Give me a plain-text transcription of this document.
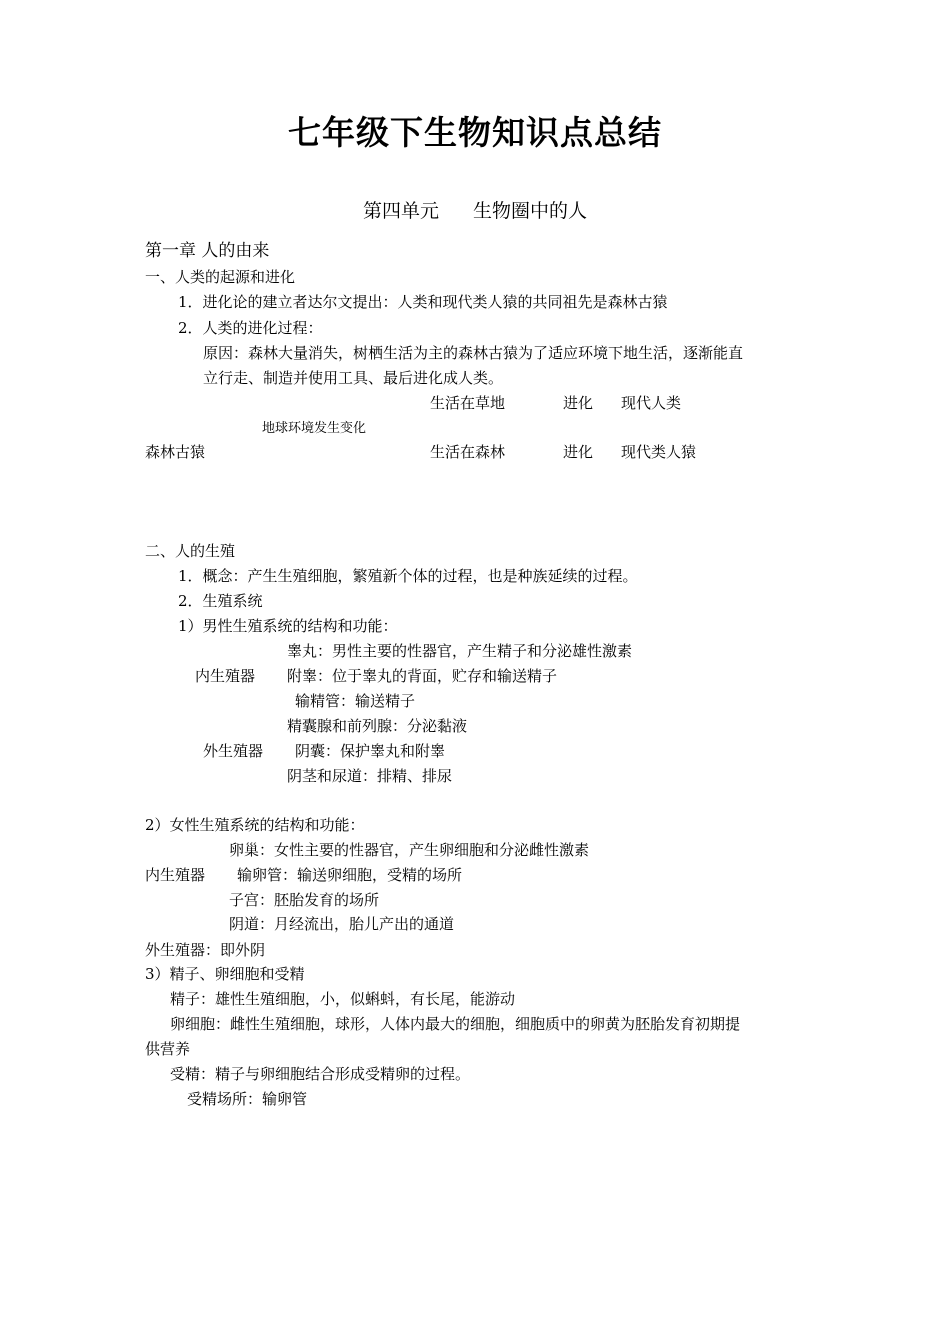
七年级下生物知识点总结
第四单元 生物圈中的人
第一章 人的由来
一、人类的起源和进化
1．进化论的建立者达尔文提出：人类和现代类人猿的共同祖先是森林古猿
2．人类的进化过程：
原因：森林大量消失，树栖生活为主的森林古猿为了适应环境下地生活，逐渐能直
立行走、制造并使用工具、最后进化成人类。
生活在草地	进化 现代人类
地球环境发生变化
森林古猿	生活在森林	进化 现代类人猿
二、人的生殖
1．概念：产生生殖细胞，繁殖新个体的过程，也是种族延续的过程。
2．生殖系统
1）男性生殖系统的结构和功能：
睾丸：男性主要的性器官，产生精子和分泌雄性激素
内生殖器 附睾：位于睾丸的背面，贮存和输送精子
输精管：输送精子
精囊腺和前列腺：分泌黏液
外生殖器 阴囊：保护睾丸和附睾
阴茎和尿道：排精、排尿
2）女性生殖系统的结构和功能：
卵巢：女性主要的性器官，产生卵细胞和分泌雌性激素
内生殖器 输卵管：输送卵细胞，受精的场所
子宫：胚胎发育的场所
阴道：月经流出，胎儿产出的通道
外生殖器：即外阴
3）精子、卵细胞和受精
精子：雄性生殖细胞，小，似蝌蚪，有长尾，能游动
卵细胞：雌性生殖细胞，球形，人体内最大的细胞，细胞质中的卵黄为胚胎发育初期提
供营养
受精：精子与卵细胞结合形成受精卵的过程。
受精场所：输卵管
